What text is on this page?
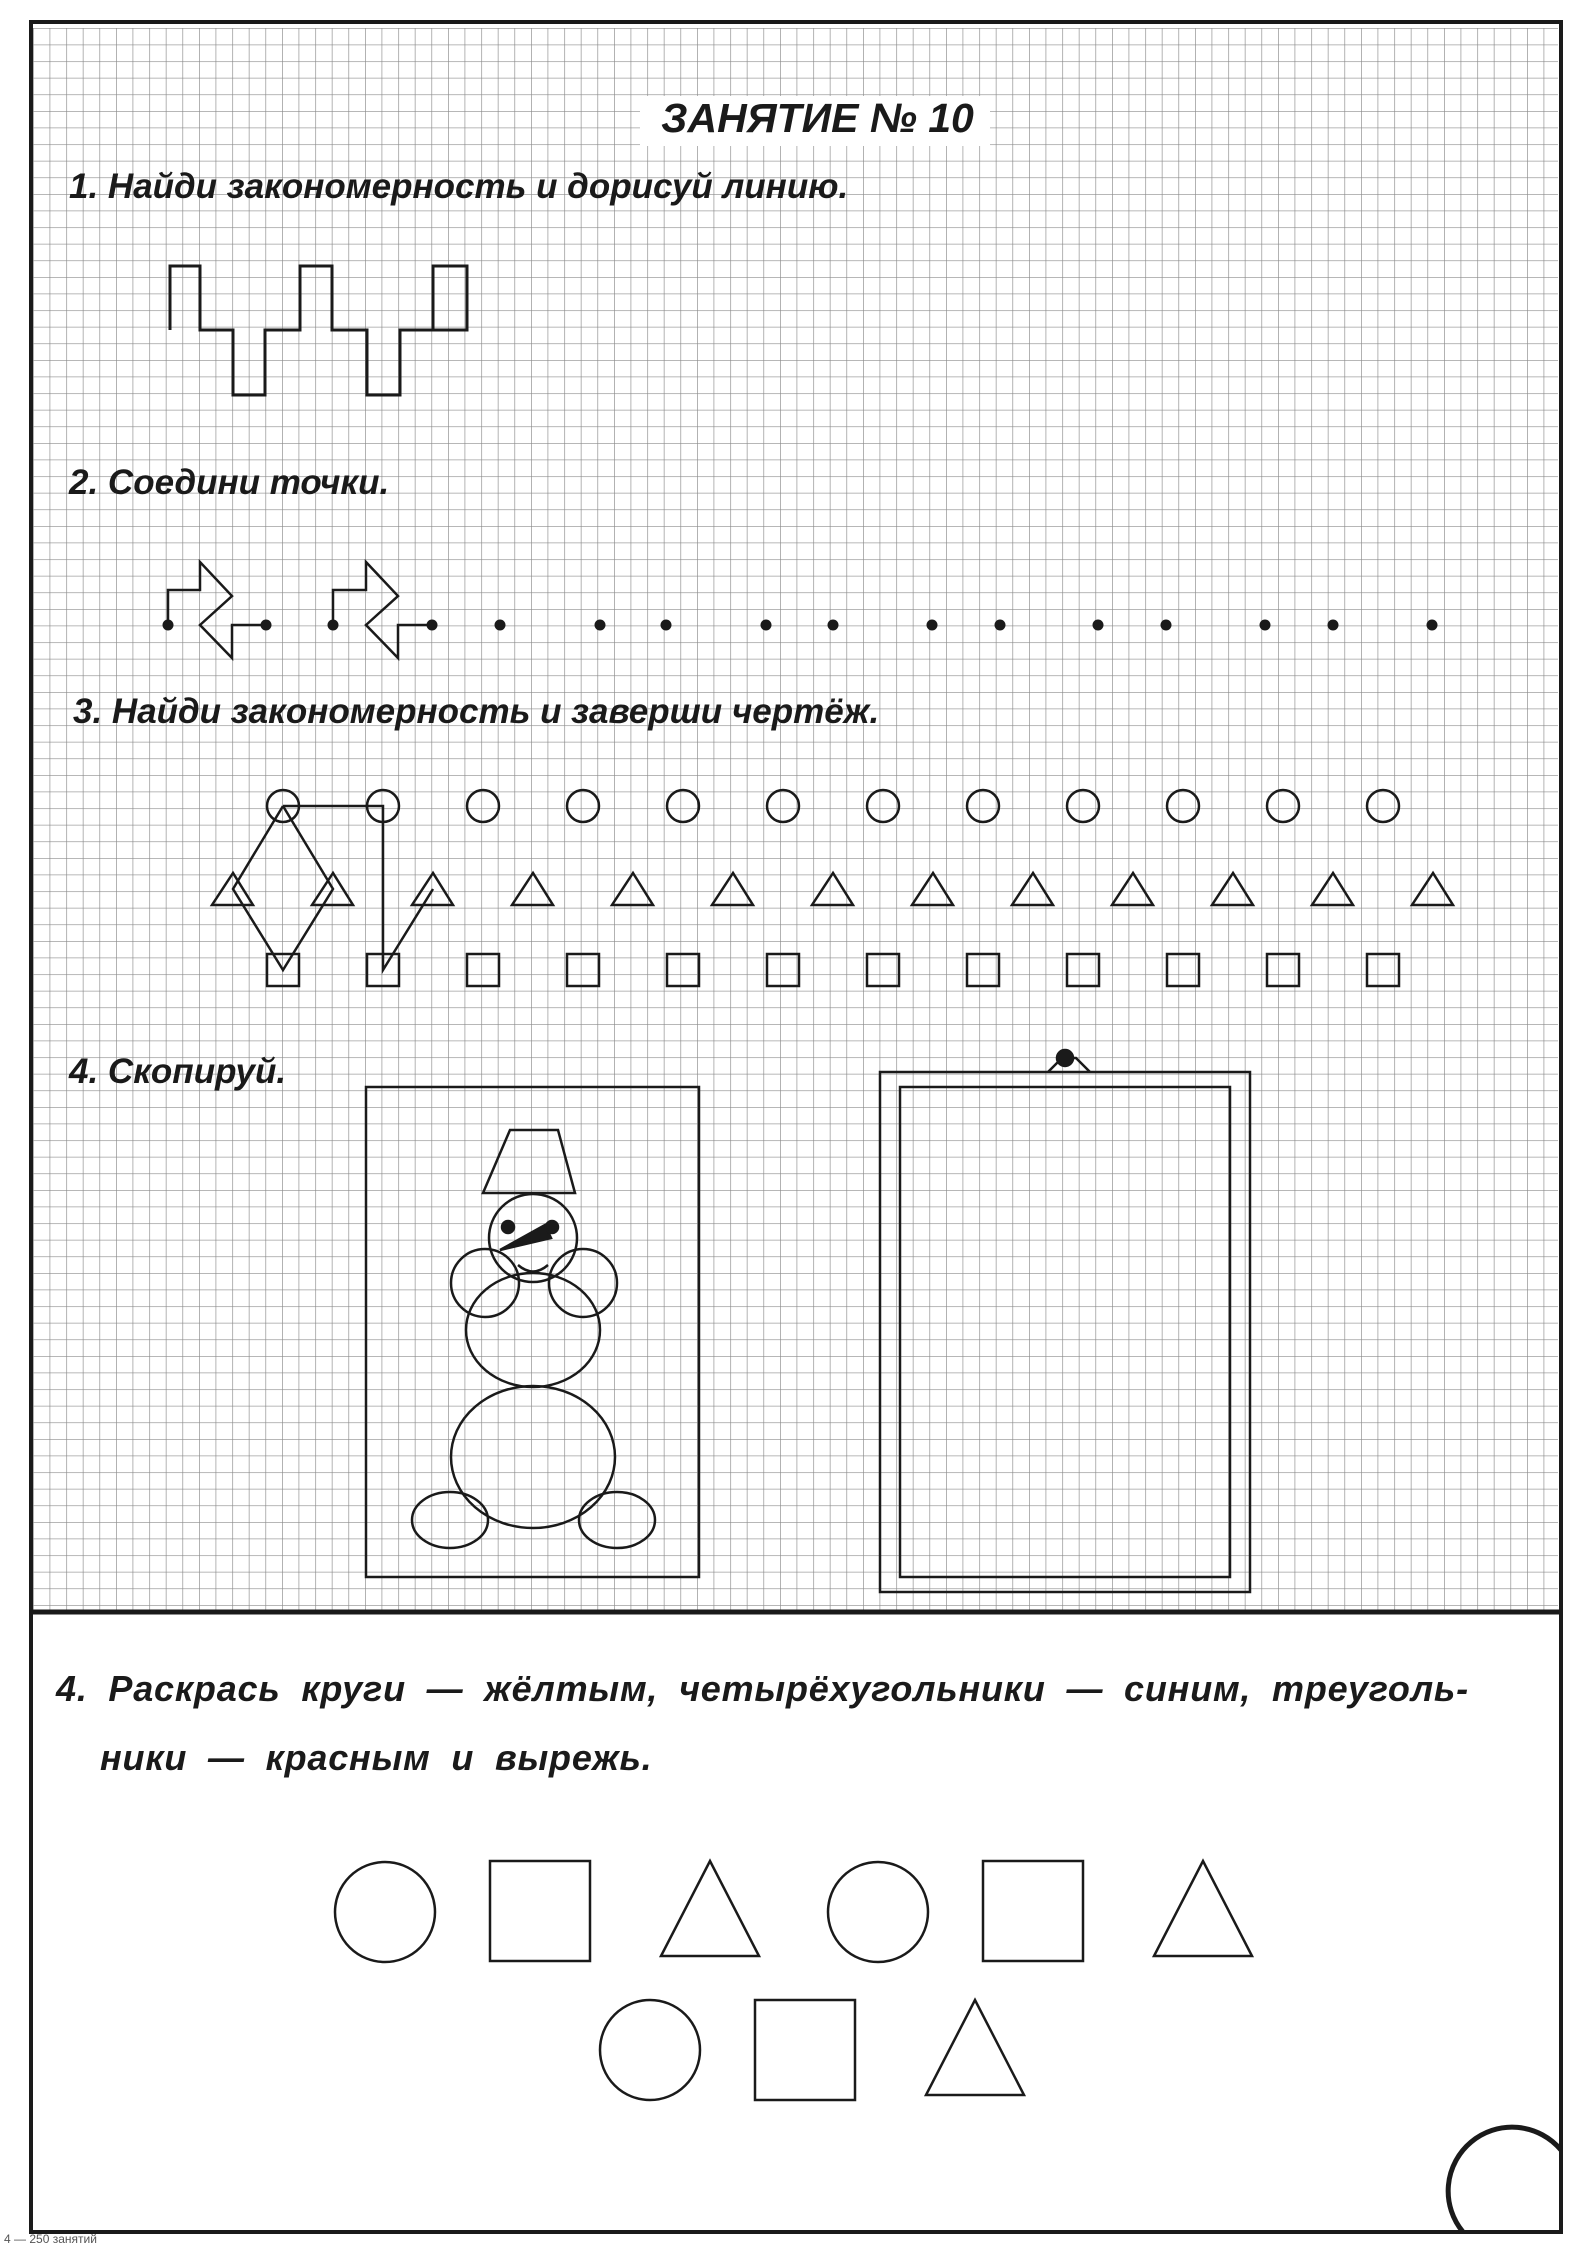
ЗАНЯТИЕ № 10

1. Найди закономерность и дорисуй линию.

2. Соедини точки.

3. Найди закономерность и заверши чертёж.

4. Скопируй.

4. Раскрась круги — жёлтым, четырёхугольники — синим, треуголь-

ники — красным и вырежь.

4 — 250 занятий
